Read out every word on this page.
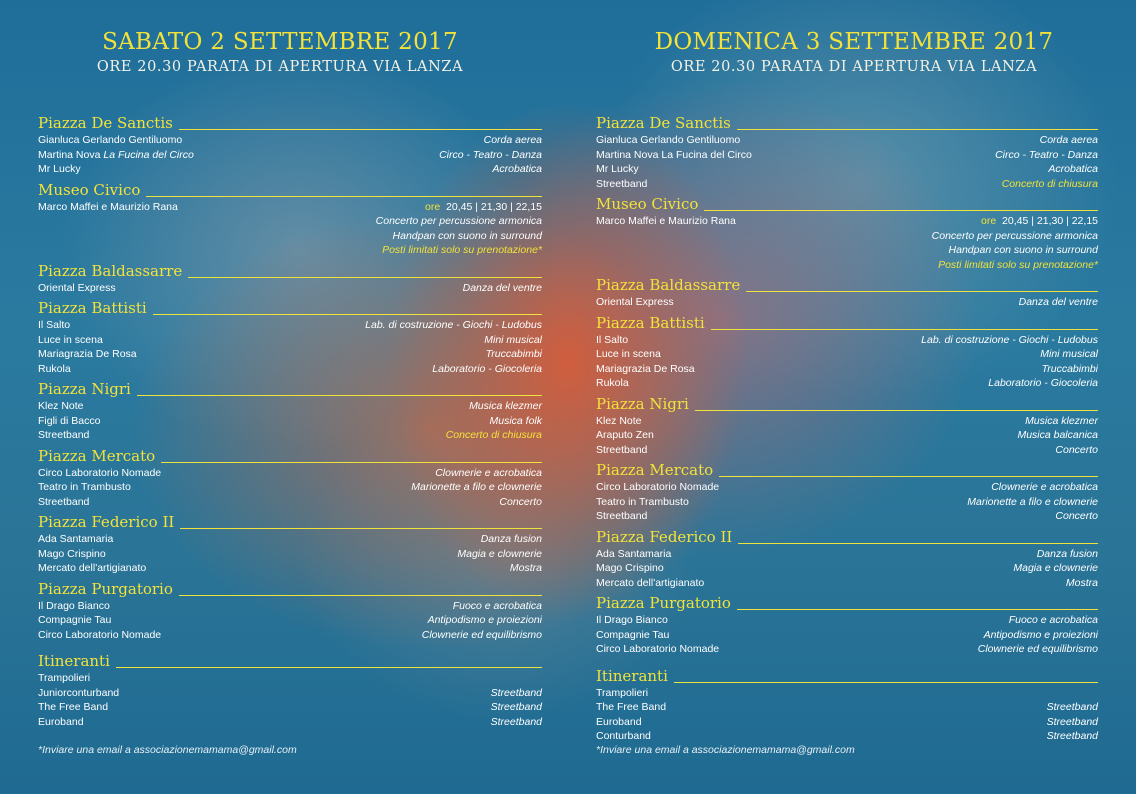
SABATO 2 SETTEMBRE 2017
ORE 20.30 PARATA DI APERTURA VIA LANZA
Piazza De Sanctis
Gianluca Gerlando Gentiluomo	Corda aerea
Martina Nova La Fucina del Circo	Circo - Teatro - Danza
Mr Lucky	Acrobatica
Museo Civico
Marco Maffei e Maurizio Rana	ore 20,45 | 21,30 | 22,15
Concerto per percussione armonica
Handpan con suono in surround
Posti limitati solo su prenotazione*
Piazza Baldassarre
Oriental Express	Danza del ventre
Piazza Battisti
Il Salto	Lab. di costruzione - Giochi - Ludobus
Luce in scena	Mini musical
Mariagrazia De Rosa	Truccabimbi
Rukola	Laboratorio - Giocoleria
Piazza Nigri
Klez Note	Musica klezmer
Figli di Bacco	Musica folk
Streetband	Concerto di chiusura
Piazza Mercato
Circo Laboratorio Nomade	Clownerie e acrobatica
Teatro in Trambusto	Marionette a filo e clownerie
Streetband	Concerto
Piazza Federico II
Ada Santamaria	Danza fusion
Mago Crispino	Magia e clownerie
Mercato dell'artigianato	Mostra
Piazza Purgatorio
Il Drago Bianco	Fuoco e acrobatica
Compagnie Tau	Antipodismo e proiezioni
Circo Laboratorio Nomade	Clownerie ed equilibrismo
Itineranti
Trampolieri
Juniorconturband	Streetband
The Free Band	Streetband
Euroband	Streetband
*Inviare una email a associazionemamama@gmail.com
DOMENICA 3 SETTEMBRE 2017
ORE 20.30 PARATA DI APERTURA VIA LANZA
Piazza De Sanctis
Gianluca Gerlando Gentiluomo	Corda aerea
Martina Nova La Fucina del Circo	Circo - Teatro - Danza
Mr Lucky	Acrobatica
Streetband	Concerto di chiusura
Museo Civico
Marco Maffei e Maurizio Rana	ore 20,45 | 21,30 | 22,15
Concerto per percussione armonica
Handpan con suono in surround
Posti limitati solo su prenotazione*
Piazza Baldassarre
Oriental Express	Danza del ventre
Piazza Battisti
Il Salto	Lab. di costruzione - Giochi - Ludobus
Luce in scena	Mini musical
Mariagrazia De Rosa	Truccabimbi
Rukola	Laboratorio - Giocoleria
Piazza Nigri
Klez Note	Musica klezmer
Araputo Zen	Musica balcanica
Streetband	Concerto
Piazza Mercato
Circo Laboratorio Nomade	Clownerie e acrobatica
Teatro in Trambusto	Marionette a filo e clownerie
Streetband	Concerto
Piazza Federico II
Ada Santamaria	Danza fusion
Mago Crispino	Magia e clownerie
Mercato dell'artigianato	Mostra
Piazza Purgatorio
Il Drago Bianco	Fuoco e acrobatica
Compagnie Tau	Antipodismo e proiezioni
Circo Laboratorio Nomade	Clownerie ed equilibrismo
Itineranti
Trampolieri
The Free Band	Streetband
Euroband	Streetband
Conturband	Streetband
*Inviare una email a associazionemamama@gmail.com
